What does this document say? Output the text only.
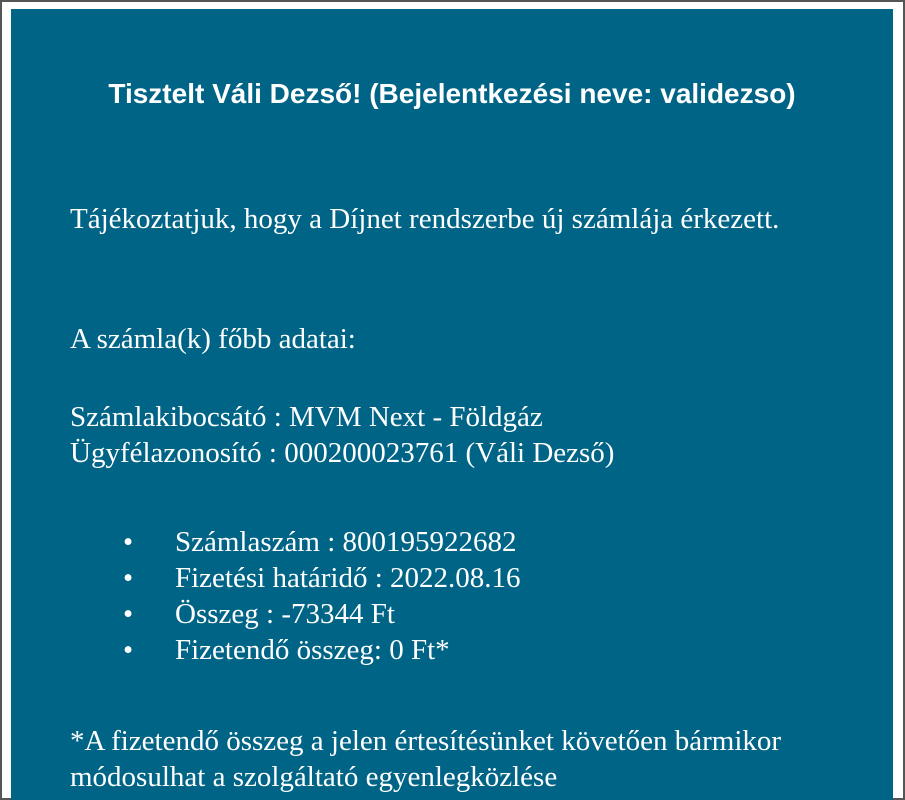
Tisztelt Váli Dezső! (Bejelentkezési neve: validezso)

Tájékoztatjuk, hogy a Díjnet rendszerbe új számlája érkezett.

A számla(k) főbb adatai:

Számlakibocsátó : MVM Next - Földgáz

Ügyfélazonosító : 000200023761 (Váli Dezső)

• Számlaszám : 800195922682
• Fizetési határidő : 2022.08.16
• Összeg : -73344 Ft
• Fizetendő összeg: 0 Ft*

*A fizetendő összeg a jelen értesítésünket követően bármikor módosulhat a szolgáltató egyenlegközlése
